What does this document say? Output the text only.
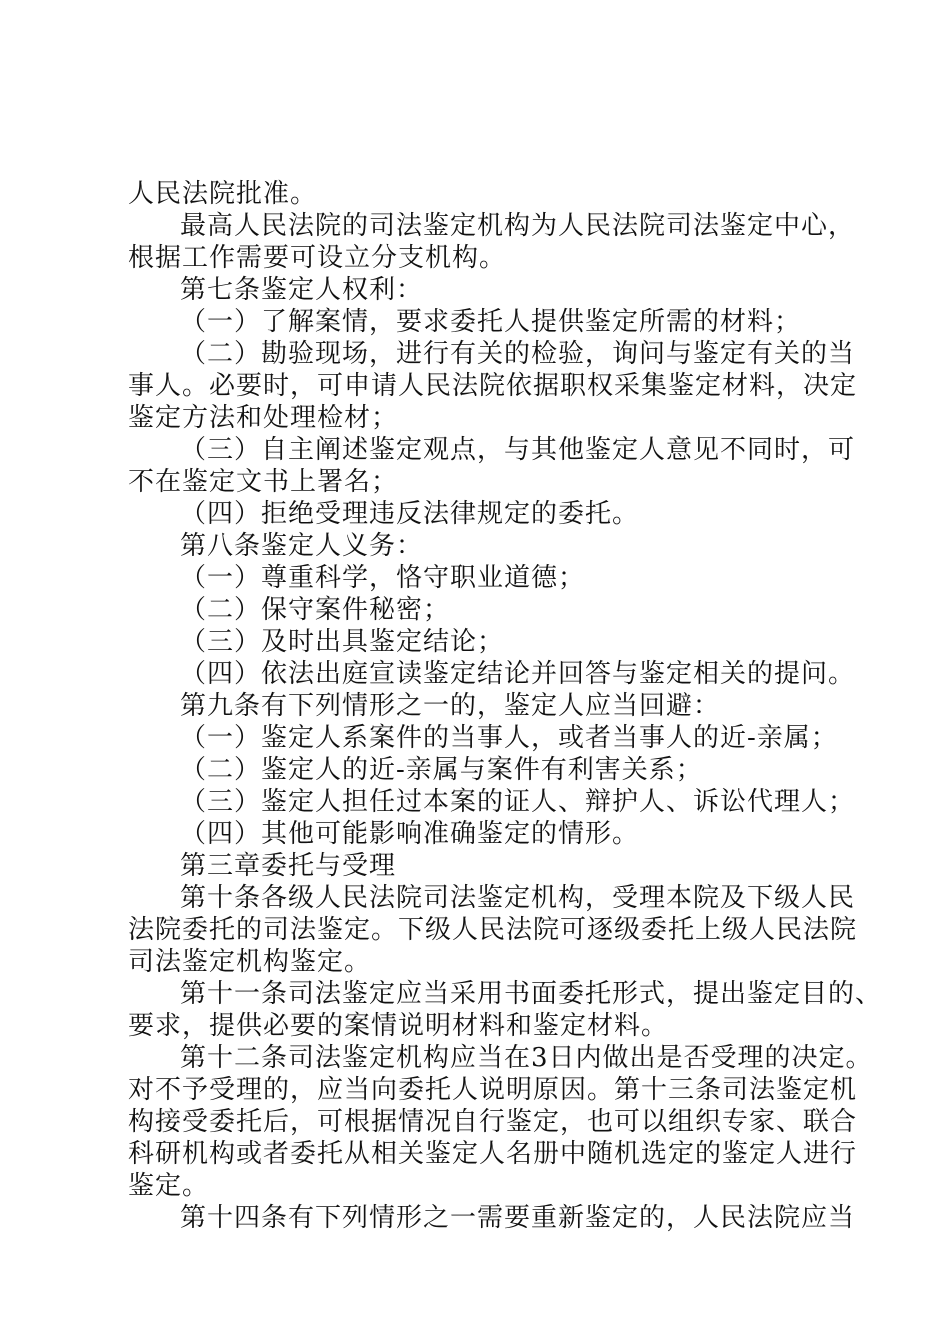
人民法院批准。
最高人民法院的司法鉴定机构为人民法院司法鉴定中心，
根据工作需要可设立分支机构。
第七条鉴定人权利：
（一）了解案情，要求委托人提供鉴定所需的材料；
（二）勘验现场，进行有关的检验，询问与鉴定有关的当
事人。必要时，可申请人民法院依据职权采集鉴定材料，决定
鉴定方法和处理检材；
（三）自主阐述鉴定观点，与其他鉴定人意见不同时，可
不在鉴定文书上署名；
（四）拒绝受理违反法律规定的委托。
第八条鉴定人义务：
（一）尊重科学，恪守职业道德；
（二）保守案件秘密；
（三）及时出具鉴定结论；
（四）依法出庭宣读鉴定结论并回答与鉴定相关的提问。
第九条有下列情形之一的，鉴定人应当回避：
（一）鉴定人系案件的当事人，或者当事人的近-亲属；
（二）鉴定人的近-亲属与案件有利害关系；
（三）鉴定人担任过本案的证人、辩护人、诉讼代理人；
（四）其他可能影响准确鉴定的情形。
第三章委托与受理
第十条各级人民法院司法鉴定机构，受理本院及下级人民
法院委托的司法鉴定。下级人民法院可逐级委托上级人民法院
司法鉴定机构鉴定。
第十一条司法鉴定应当采用书面委托形式，提出鉴定目的、
要求，提供必要的案情说明材料和鉴定材料。
第十二条司法鉴定机构应当在3日内做出是否受理的决定。
对不予受理的，应当向委托人说明原因。第十三条司法鉴定机
构接受委托后，可根据情况自行鉴定，也可以组织专家、联合
科研机构或者委托从相关鉴定人名册中随机选定的鉴定人进行
鉴定。
第十四条有下列情形之一需要重新鉴定的，人民法院应当
